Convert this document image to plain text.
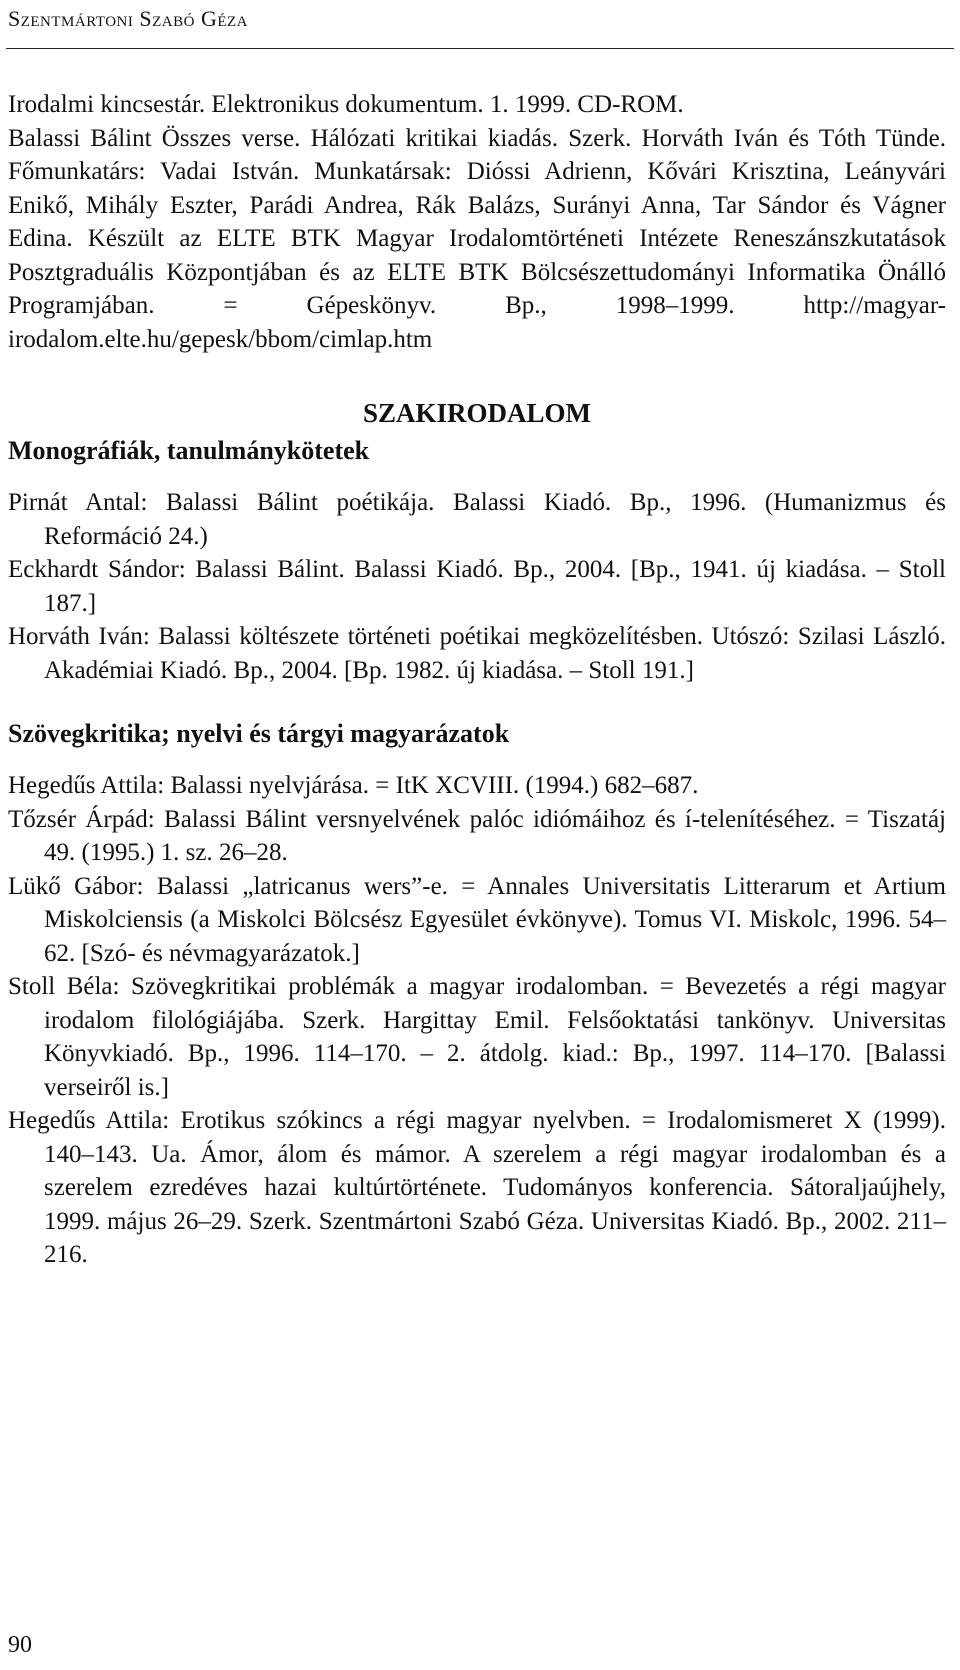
Szentmártoni Szabó Géza

Irodalmi kincsestár. Elektronikus dokumentum. 1. 1999. CD-ROM.

Balassi Bálint Összes verse. Hálózati kritikai kiadás. Szerk. Horváth Iván és Tóth Tünde. Főmunkatárs: Vadai István. Munkatársak: Dióssi Adrienn, Kővári Krisztina, Leányvári Enikő, Mihály Eszter, Parádi Andrea, Rák Balázs, Surányi Anna, Tar Sándor és Vágner Edina. Készült az ELTE BTK Magyar Irodalomtörténeti Intézete Reneszánszkutatások Posztgraduális Központjában és az ELTE BTK Bölcsészettudományi Informatika Önálló Programjában. = Gépeskönyv. Bp., 1998–1999. http://magyar-irodalom.elte.hu/gepesk/bbom/cimlap.htm

SZAKIRODALOM
Monográfiák, tanulmánykötetek

Pirnát Antal: Balassi Bálint poétikája. Balassi Kiadó. Bp., 1996. (Humanizmus és Reformáció 24.)

Eckhardt Sándor: Balassi Bálint. Balassi Kiadó. Bp., 2004. [Bp., 1941. új kiadása. – Stoll 187.]

Horváth Iván: Balassi költészete történeti poétikai megközelítésben. Utószó: Szilasi László. Akadémiai Kiadó. Bp., 2004. [Bp. 1982. új kiadása. – Stoll 191.]

Szövegkritika; nyelvi és tárgyi magyarázatok

Hegedűs Attila: Balassi nyelvjárása. = ItK XCVIII. (1994.) 682–687.

Tőzsér Árpád: Balassi Bálint versnyelvének palóc idiómáihoz és í-telenítéséhez. = Tiszatáj 49. (1995.) 1. sz. 26–28.

Lükő Gábor: Balassi „latricanus wers”-e. = Annales Universitatis Litterarum et Artium Miskolciensis (a Miskolci Bölcsész Egyesület évkönyve). Tomus VI. Miskolc, 1996. 54–62. [Szó- és névmagyarázatok.]

Stoll Béla: Szövegkritikai problémák a magyar irodalomban. = Bevezetés a régi magyar irodalom filológiájába. Szerk. Hargittay Emil. Felsőoktatási tankönyv. Universitas Könyvkiadó. Bp., 1996. 114–170. – 2. átdolg. kiad.: Bp., 1997. 114–170. [Balassi verseiről is.]

Hegedűs Attila: Erotikus szókincs a régi magyar nyelvben. = Irodalomismeret X (1999). 140–143. Ua. Ámor, álom és mámor. A szerelem a régi magyar irodalomban és a szerelem ezredéves hazai kultúrtörténete. Tudományos konferencia. Sátoraljaújhely, 1999. május 26–29. Szerk. Szentmártoni Szabó Géza. Universitas Kiadó. Bp., 2002. 211–216.

90
